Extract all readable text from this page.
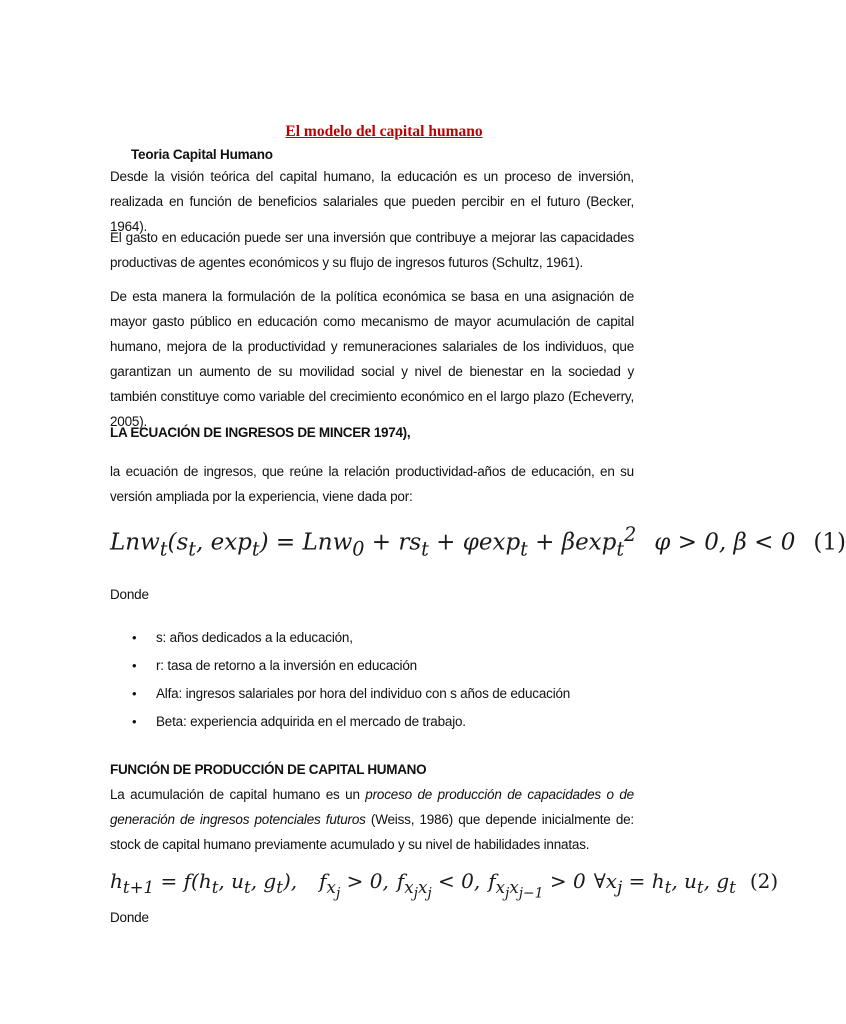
El modelo del capital humano
Teoria Capital Humano
Desde la visión teórica del capital humano, la educación es un proceso de inversión, realizada en función de beneficios salariales que pueden percibir en el futuro (Becker, 1964).
El gasto en educación puede ser una inversión que contribuye a mejorar las capacidades productivas de agentes económicos y su flujo de ingresos futuros (Schultz, 1961).
De esta manera la formulación de la política económica se basa en una asignación de mayor gasto público en educación como mecanismo de mayor acumulación de capital humano, mejora de la productividad y remuneraciones salariales de los individuos, que garantizan un aumento de su movilidad social y nivel de bienestar en la sociedad y también constituye como variable del crecimiento económico en el largo plazo (Echeverry, 2005).
LA ECUACIÓN DE INGRESOS DE MINCER 1974),
la ecuación de ingresos, que reúne la relación productividad-años de educación, en su versión ampliada por la experiencia, viene dada por:
$Lnw_t(s_t$, $\exp_t) = Lnw_0 + rs_t + \varphi\exp_t + \beta\exp_t^2$ φ > 0, β < 0 (1)
Donde
• s: años dedicados a la educación,
• r: tasa de retorno a la inversión en educación
• Alfa: ingresos salariales por hora del individuo con s años de educación
• Beta: experiencia adquirida en el mercado de trabajo.
FUNCIÓN DE PRODUCCIÓN DE CAPITAL HUMANO
La acumulación de capital humano es un proceso de producción de capacidades o de generación de ingresos potenciales futuros (Weiss, 1986) que depende inicialmente de: stock de capital humano previamente acumulado y su nivel de habilidades innatas.
$h_{t+1} = f(h_t$, $u_t$, $g_t$), $f_{x_j} > 0$, $f_{x_jx_j} < 0$, $f_{x_jx_{j-1}} > 0$ $\forall x_j = h_t$, $u_t$, $g_t$ (2)
Donde
